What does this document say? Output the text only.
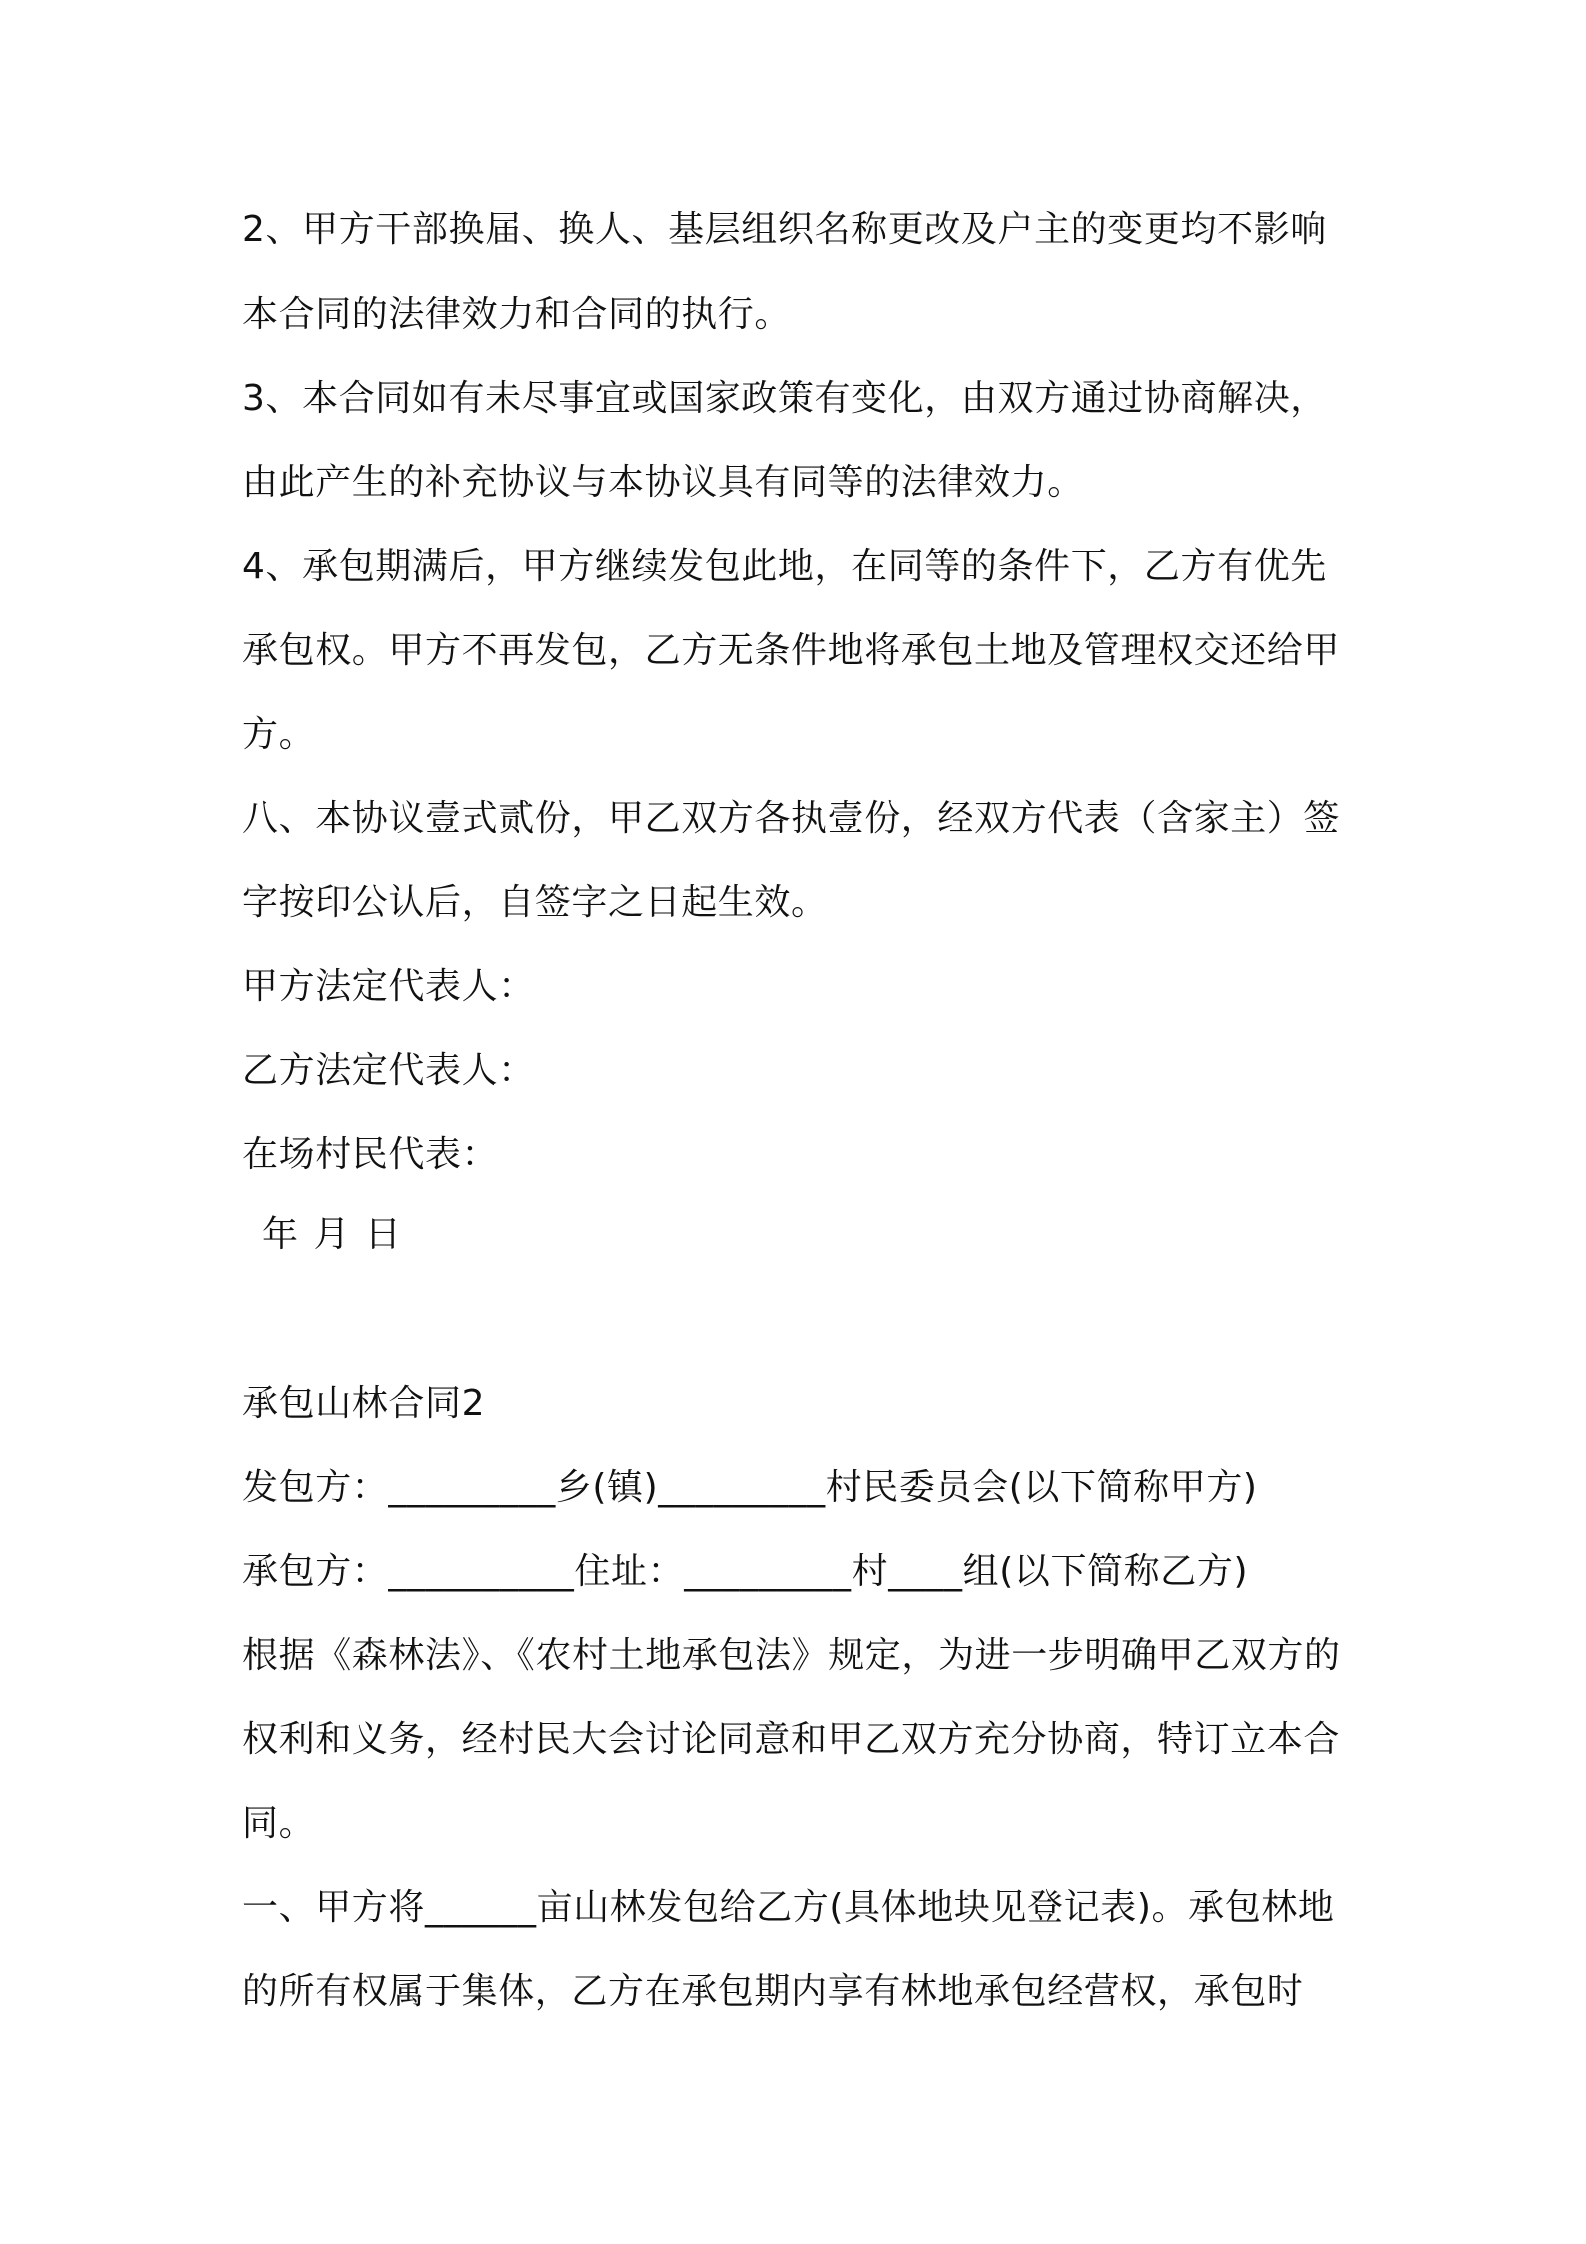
2、甲方干部换届、换人、基层组织名称更改及户主的变更均不影响
本合同的法律效力和合同的执行。
3、本合同如有未尽事宜或国家政策有变化，由双方通过协商解决，
由此产生的补充协议与本协议具有同等的法律效力。
4、承包期满后，甲方继续发包此地，在同等的条件下，乙方有优先
承包权。甲方不再发包，乙方无条件地将承包土地及管理权交还给甲
方。
八、本协议壹式贰份，甲乙双方各执壹份，经双方代表（含家主）签
字按印公认后，自签字之日起生效。
甲方法定代表人：
乙方法定代表人：
在场村民代表：
年 月 日
承包山林合同2
发包方：_________乡(镇)_________村民委员会(以下简称甲方)
承包方：__________住址：_________村____组(以下简称乙方)
根据《森林法》、《农村土地承包法》规定，为进一步明确甲乙双方的
权利和义务，经村民大会讨论同意和甲乙双方充分协商，特订立本合
同。
一、甲方将______亩山林发包给乙方(具体地块见登记表)。承包林地
的所有权属于集体，乙方在承包期内享有林地承包经营权，承包时
